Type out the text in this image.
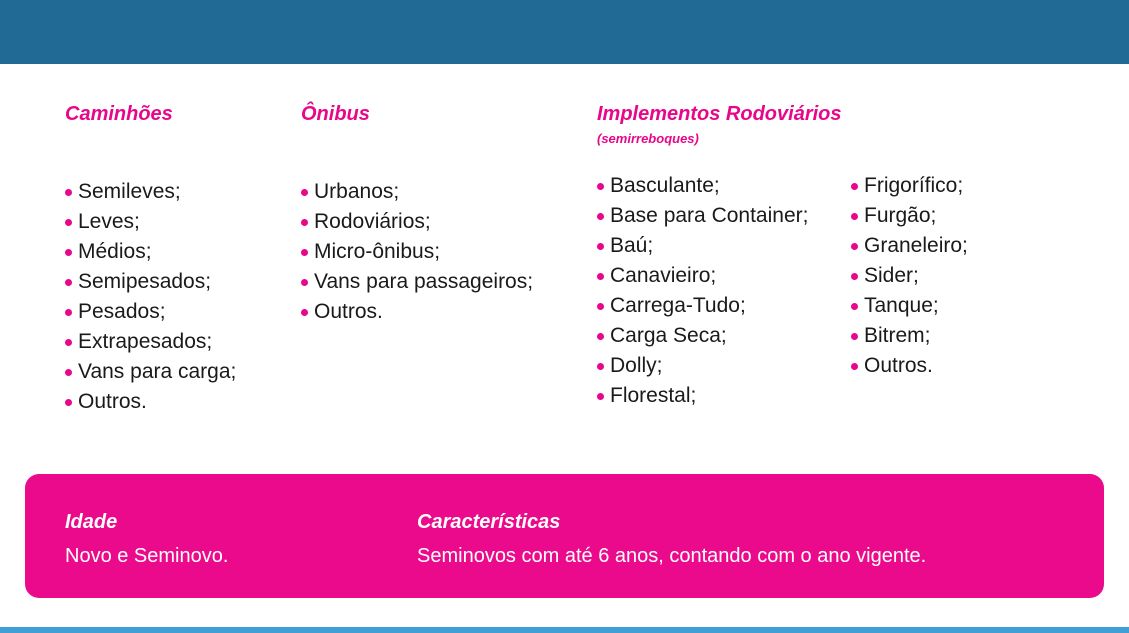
Caminhões
Semileves;
Leves;
Médios;
Semipesados;
Pesados;
Extrapesados;
Vans para carga;
Outros.
Ônibus
Urbanos;
Rodoviários;
Micro-ônibus;
Vans para passageiros;
Outros.
Implementos Rodoviários

(semirreboques)

Basculante;
Base para Container;
Baú;
Canavieiro;
Carrega-Tudo;
Carga Seca;
Dolly;
Florestal;
Frigorífico;
Furgão;
Graneleiro;
Sider;
Tanque;
Bitrem;
Outros.
Idade
Novo e Seminovo.
Características
Seminovos com até 6 anos, contando com o ano vigente.
